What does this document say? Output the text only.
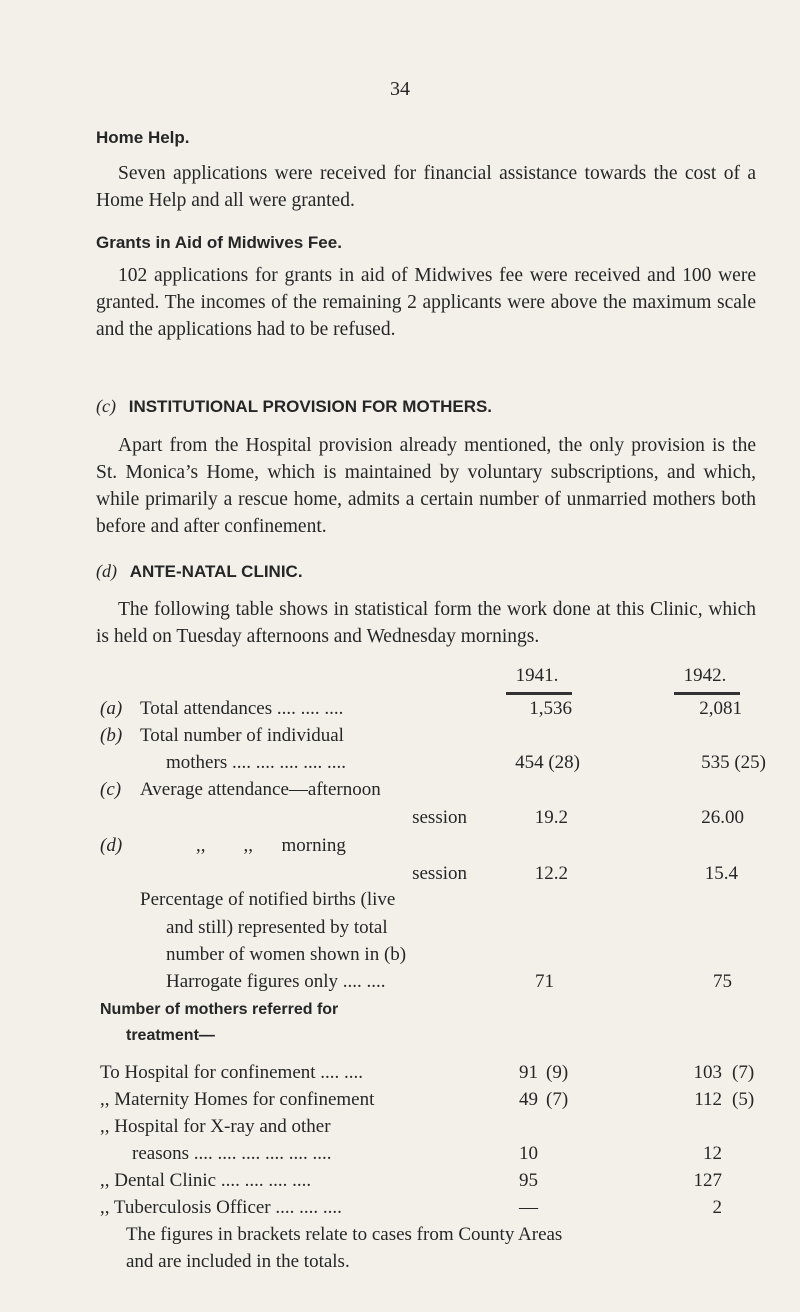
34
Home Help.
Seven applications were received for financial assistance towards the cost of a Home Help and all were granted.
Grants in Aid of Midwives Fee.
102 applications for grants in aid of Midwives fee were received and 100 were granted. The incomes of the remaining 2 applicants were above the maximum scale and the applications had to be refused.
(c) INSTITUTIONAL PROVISION FOR MOTHERS.
Apart from the Hospital provision already mentioned, the only provision is the St. Monica’s Home, which is maintained by voluntary subscriptions, and which, while primarily a rescue home, admits a certain number of unmarried mothers both before and after confinement.
(d) ANTE-NATAL CLINIC.
The following table shows in statistical form the work done at this Clinic, which is held on Tuesday afternoons and Wednesday mornings.
1941.	1942.
(a) Total attendances .... .... ....	1,536	2,081
(b) Total number of individual
mothers .... .... .... .... ....	454 (28)	535 (25)
(c) Average attendance—afternoon
session	19.2	26.00
(d)	,,        ,,      morning
session	12.2	15.4
Percentage of notified births (live
and still) represented by total
number of women shown in (b)
Harrogate figures only .... ....	71	75
Number of mothers referred for
treatment—
To Hospital for confinement .... ....	91 (9)	103 (7)
,, Maternity Homes for confinement	49 (7)	112 (5)
,, Hospital for X-ray and other
reasons .... .... .... .... .... ....	10	12
,, Dental Clinic .... .... .... ....	95	127
,, Tuberculosis Officer .... .... ....	—	2
The figures in brackets relate to cases from County Areas
and are included in the totals.
